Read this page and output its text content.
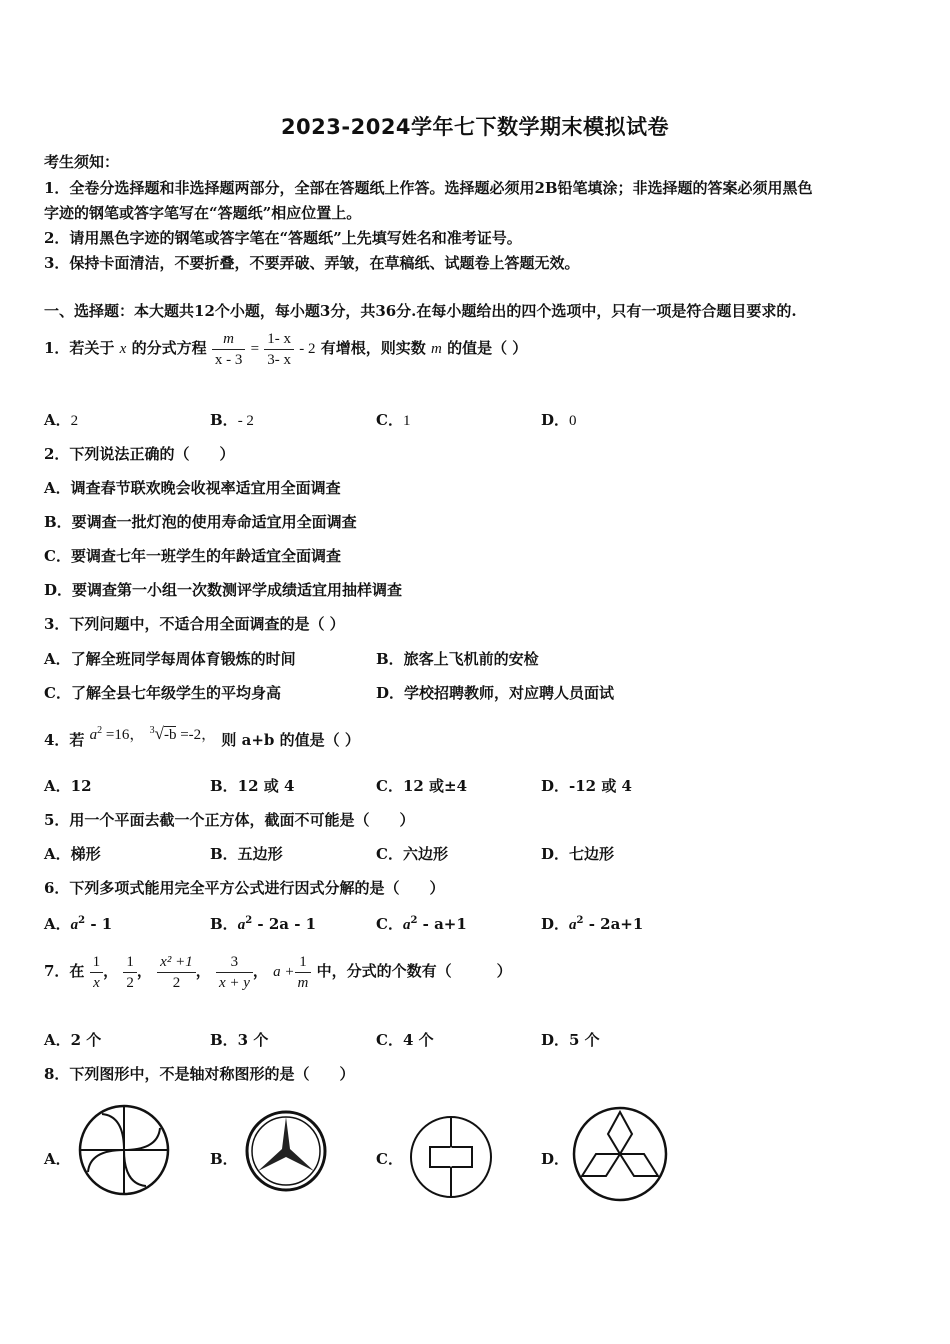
2023-2024学年七下数学期末模拟试卷
考生须知：
1．全卷分选择题和非选择题两部分，全部在答题纸上作答。选择题必须用2B铅笔填涂；非选择题的答案必须用黑色
字迹的钢笔或答字笔写在“答题纸”相应位置上。
2．请用黑色字迹的钢笔或答字笔在“答题纸”上先填写姓名和准考证号。
3．保持卡面清洁，不要折叠，不要弄破、弄皱，在草稿纸、试题卷上答题无效。
一、选择题：本大题共12个小题，每小题3分，共36分.在每小题给出的四个选项中，只有一项是符合题目要求的.
1．若关于 x 的分式方程 $\frac{m}{x - 3} = \frac{1- x}{3- x} - 2$ 有增根，则实数 m 的值是（ ）
A．2	B．- 2	C．1	D．0
2．下列说法正确的（　　）
A．调查春节联欢晚会收视率适宜用全面调查
B．要调查一批灯泡的使用寿命适宜用全面调查
C．要调查七年一班学生的年龄适宜全面调查
D．要调查第一小组一次数测评学成绩适宜用抽样调查
3．下列问题中，不适合用全面调查的是（ ）
A．了解全班同学每周体育锻炼的时间	B．旅客上飞机前的安检
C．了解全县七年级学生的平均身高	D．学校招聘教师，对应聘人员面试
4．若 $a^2 =16$， $^3$√-b =-2， 则 a+b 的值是（ ）
A．12	B．12 或 4	C．12 或±4	D．-12 或 4
5．用一个平面去截一个正方体，截面不可能是（　　）
A．梯形	B．五边形	C．六边形	D．七边形
6．下列多项式能用完全平方公式进行因式分解的是（　　）
A．$a^2 - 1$	B．$a^2 - 2a - 1$	C．$a^2 - a+1$	D．$a^2 - 2a+1$
7．在 $\frac{1}{x}$ ， $\frac{1}{2}$ ， $\frac{\text{x² +1}}{2}$ ， $\frac{3}{x + y}$ ， $a + \frac{1}{m}$ 中，分式的个数有（　　　）
A．2 个	B．3 个	C．4 个	D．5 个
8．下列图形中，不是轴对称图形的是（　　）
A．	B．	C．	D．
